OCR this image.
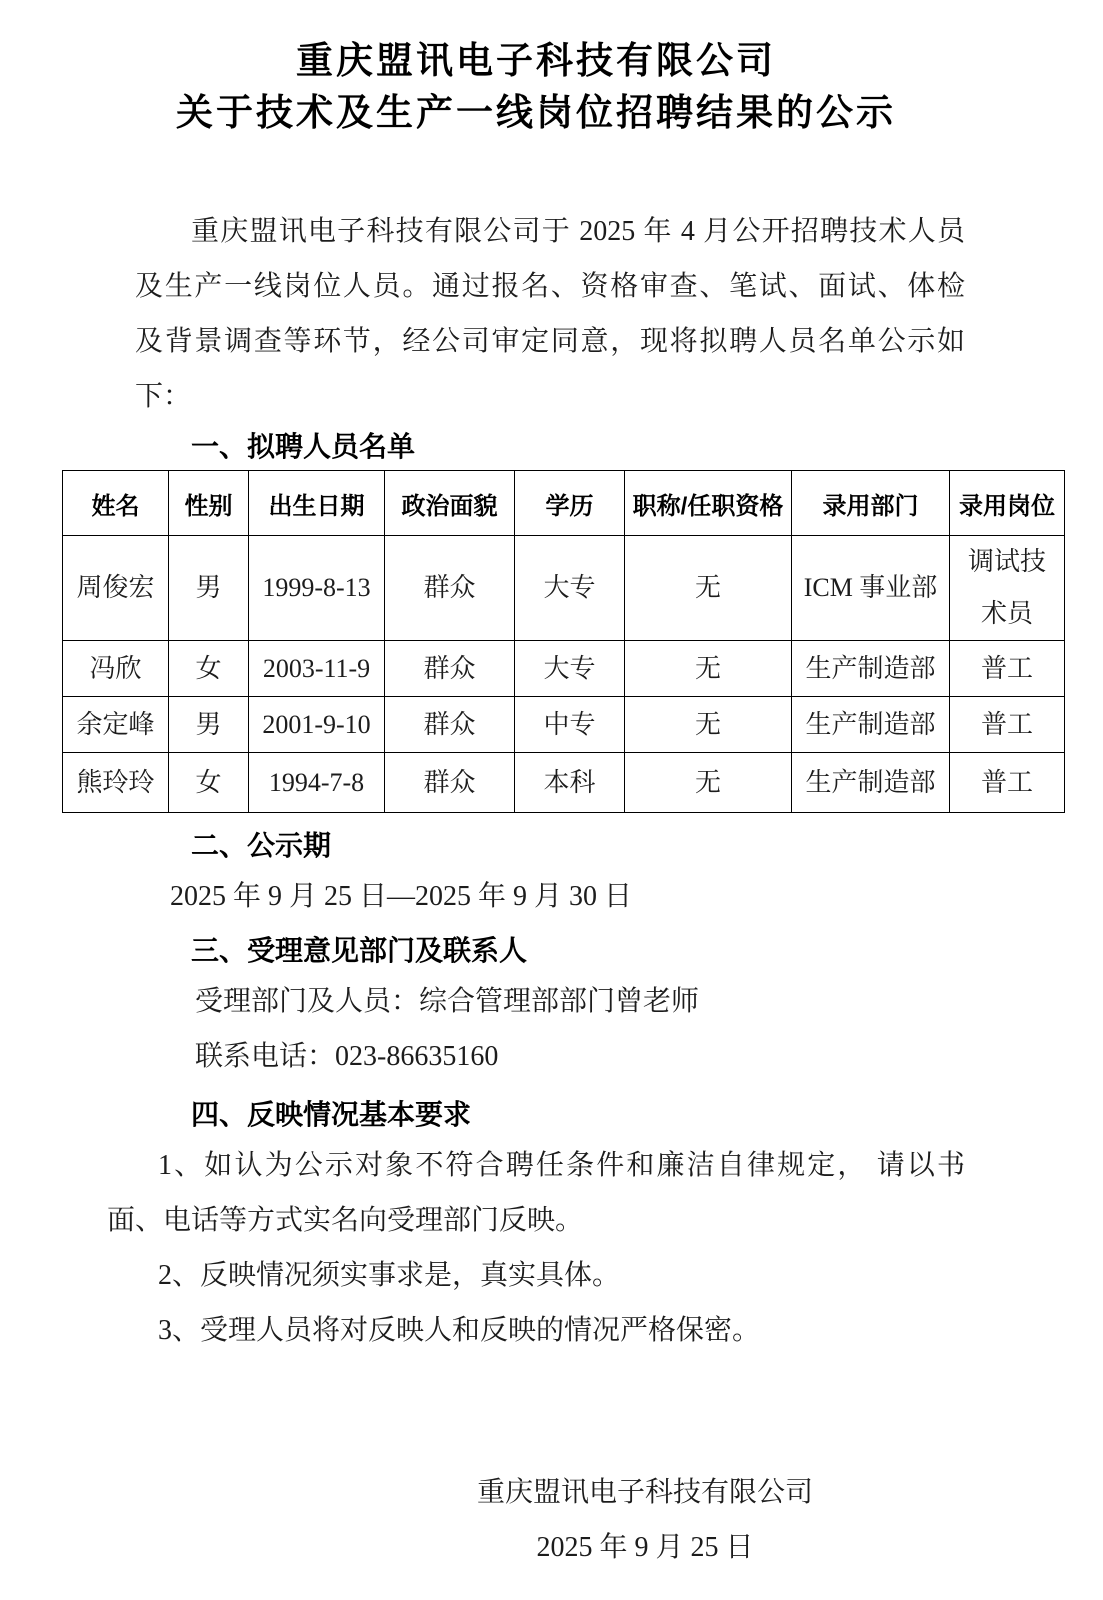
重庆盟讯电子科技有限公司
关于技术及生产一线岗位招聘结果的公示
重庆盟讯电子科技有限公司于 2025 年 4 月公开招聘技术人员
及生产一线岗位人员。通过报名、资格审查、笔试、面试、体检
及背景调查等环节，经公司审定同意，现将拟聘人员名单公示如
下：
一、拟聘人员名单
姓名	性别	出生日期	政治面貌	学历	职称/任职资格	录用部门	录用岗位
周俊宏	男	1999-8-13	群众	大专	无	ICM 事业部	调试技术员
冯欣	女	2003-11-9	群众	大专	无	生产制造部	普工
余定峰	男	2001-9-10	群众	中专	无	生产制造部	普工
熊玲玲	女	1994-7-8	群众	本科	无	生产制造部	普工
二、公示期
2025 年 9 月 25 日—2025 年 9 月 30 日
三、受理意见部门及联系人
受理部门及人员：综合管理部部门曾老师
联系电话：023-86635160
四、反映情况基本要求
1、如认为公示对象不符合聘任条件和廉洁自律规定， 请以书
面、电话等方式实名向受理部门反映。
2、反映情况须实事求是，真实具体。
3、受理人员将对反映人和反映的情况严格保密。
重庆盟讯电子科技有限公司
2025 年 9 月 25 日
